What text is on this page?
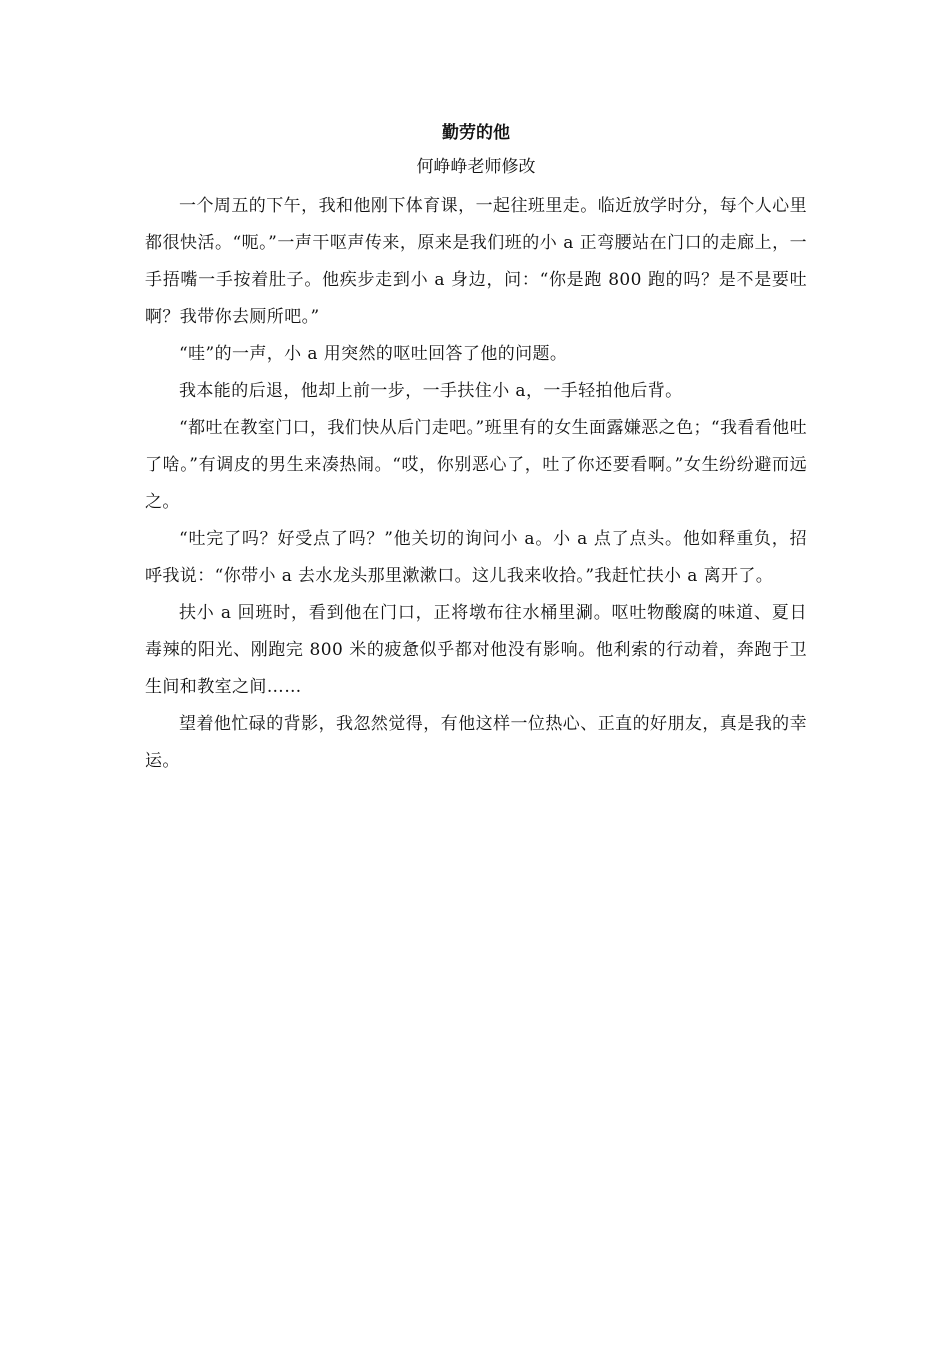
勤劳的他
何峥峥老师修改

一个周五的下午，我和他刚下体育课，一起往班里走。临近放学时分，每个人心里都很快活。“呃。”一声干呕声传来，原来是我们班的小 a 正弯腰站在门口的走廊上，一手捂嘴一手按着肚子。他疾步走到小 a 身边，问：“你是跑 800 跑的吗？是不是要吐啊？我带你去厕所吧。”

“哇”的一声，小 a 用突然的呕吐回答了他的问题。

我本能的后退，他却上前一步，一手扶住小 a，一手轻拍他后背。

“都吐在教室门口，我们快从后门走吧。”班里有的女生面露嫌恶之色；“我看看他吐了啥。”有调皮的男生来凑热闹。“哎，你别恶心了，吐了你还要看啊。”女生纷纷避而远之。

“吐完了吗？好受点了吗？”他关切的询问小 a。小 a 点了点头。他如释重负，招呼我说：“你带小 a 去水龙头那里漱漱口。这儿我来收拾。”我赶忙扶小 a 离开了。

扶小 a 回班时，看到他在门口，正将墩布往水桶里涮。呕吐物酸腐的味道、夏日毒辣的阳光、刚跑完 800 米的疲惫似乎都对他没有影响。他利索的行动着，奔跑于卫生间和教室之间……

望着他忙碌的背影，我忽然觉得，有他这样一位热心、正直的好朋友，真是我的幸运。
